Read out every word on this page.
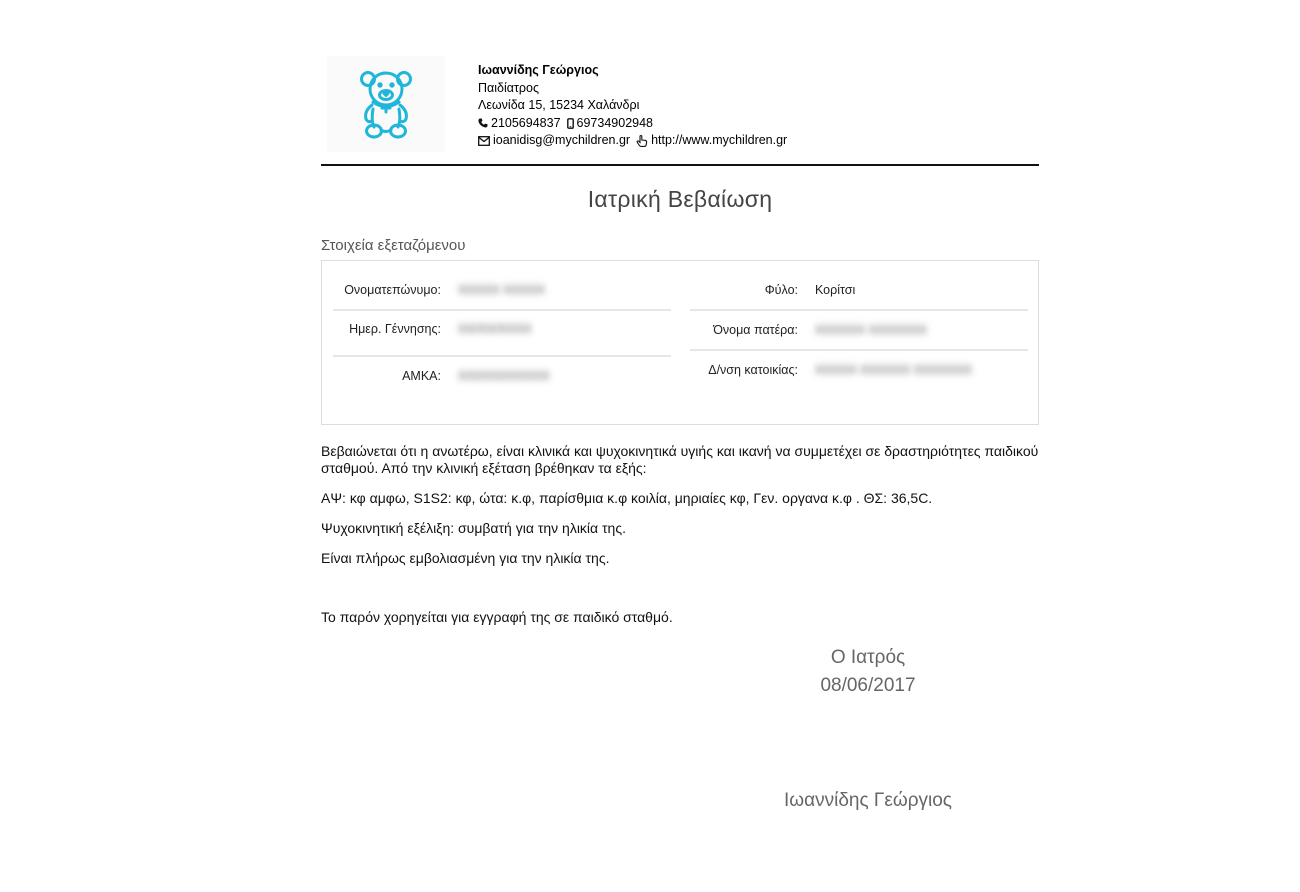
Ιωαννίδης Γεώργιος
Παιδίατρος
Λεωνίδα 15, 15234 Χαλάνδρι
2105694837 69734902948
ioanidisg@mychildren.gr http://www.mychildren.gr
Ιατρική Βεβαίωση
Στοιχεία εξεταζόμενου
Ονοματεπώνυμο: ΧΧΧΧΧ ΧΧΧΧΧ
Ημερ. Γέννησης: ΧΧ/ΧΧ/ΧΧΧΧ
ΑΜΚΑ: ΧΧΧΧΧΧΧΧΧΧΧ
Φύλο: Κορίτσι
Όνομα πατέρα: ΧΧΧΧΧΧ ΧΧΧΧΧΧΧ
Δ/νση κατοικίας: ΧΧΧΧΧ ΧΧΧΧΧΧ ΧΧΧΧΧΧΧ

Βεβαιώνεται ότι η ανωτέρω, είναι κλινικά και ψυχοκινητικά υγιής και ικανή να συμμετέχει σε δραστηριότητες παιδικού σταθμού. Από την κλινική εξέταση βρέθηκαν τα εξής:

ΑΨ: κφ αμφω, S1S2: κφ, ώτα: κ.φ, παρίσθμια κ.φ κοιλία, μηριαίες κφ, Γεν. οργανα κ.φ . ΘΣ: 36,5C.

Ψυχοκινητική εξέλιξη: συμβατή για την ηλικία της.

Είναι πλήρως εμβολιασμένη για την ηλικία της.

Το παρόν χορηγείται για εγγραφή της σε παιδικό σταθμό.
Ο Ιατρός
08/06/2017
Ιωαννίδης Γεώργιος
